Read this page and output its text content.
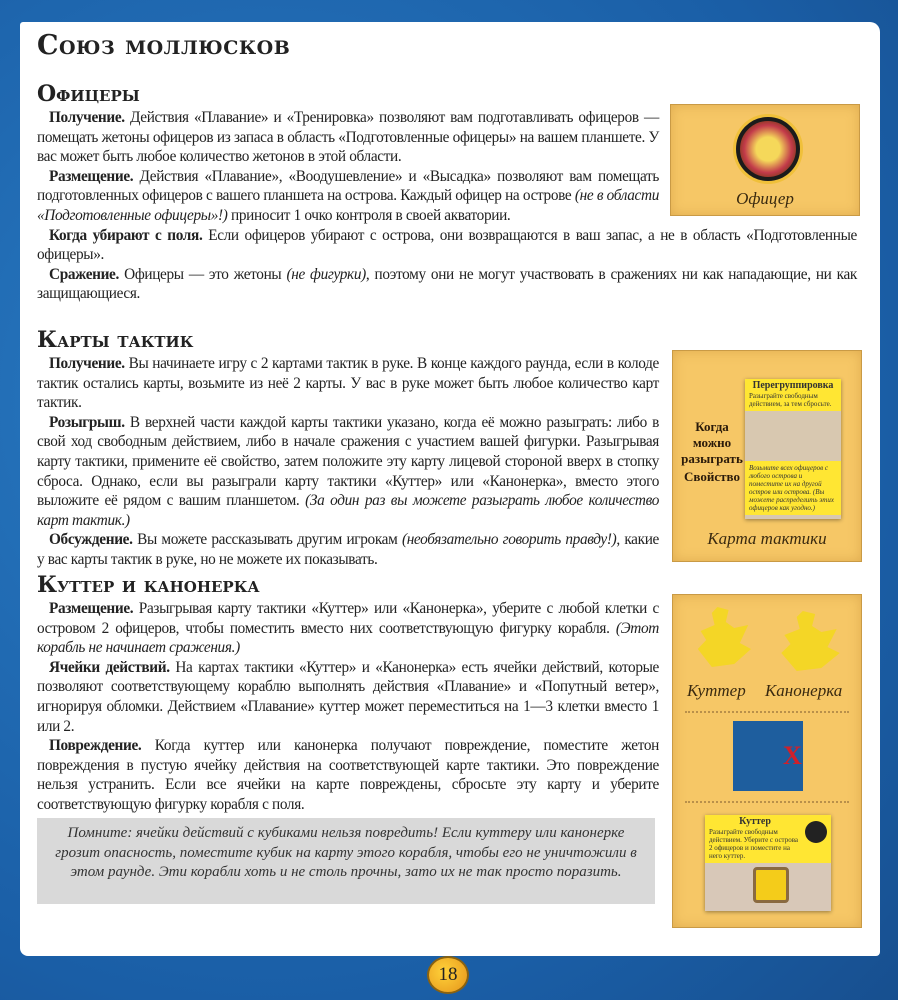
Союз моллюсков
Офицеры

Получение. Действия «Плавание» и «Тренировка» позволяют вам подготавливать офицеров — помещать жетоны офицеров из запаса в область «Подготовленные офицеры» на вашем планшете. У вас может быть любое количество жетонов в этой области.

Размещение. Действия «Плавание», «Воодушевление» и «Высадка» позволяют вам помещать подготовленных офицеров с вашего планшета на острова. Каждый офицер на острове (не в области «Подготовленные офицеры»!) приносит 1 очко контроля в своей акватории.

Когда убирают с поля. Если офицеров убирают с острова, они возвращаются в ваш запас, а не в область «Подготовленные офицеры».

Сражение. Офицеры — это жетоны (не фигурки), поэтому они не могут участвовать в сражениях ни как нападающие, ни как защищающиеся.

Карты тактик

Получение. Вы начинаете игру с 2 картами тактик в руке. В конце каждого раунда, если в колоде тактик остались карты, возьмите из неё 2 карты. У вас в руке может быть любое количество карт тактик.

Розыгрыш. В верхней части каждой карты тактики указано, когда её можно разыграть: либо в свой ход свободным действием, либо в начале сражения с участием вашей фигурки. Разыгрывая карту тактики, примените её свойство, затем положите эту карту лицевой стороной вверх в стопку сброса. Однако, если вы разыграли карту тактики «Куттер» или «Канонерка», вместо этого выложите её рядом с вашим планшетом. (За один раз вы можете разыграть любое количество карт тактик.)

Обсуждение. Вы можете рассказывать другим игрокам (необязательно говорить правду!), какие у вас карты тактик в руке, но не можете их показывать.

Куттер и канонерка

Размещение. Разыгрывая карту тактики «Куттер» или «Канонерка», уберите с любой клетки с островом 2 офицеров, чтобы поместить вместо них соответствующую фигурку корабля. (Этот корабль не начинает сражения.)

Ячейки действий. На картах тактики «Куттер» и «Канонерка» есть ячейки действий, которые позволяют соответствующему кораблю выполнять действия «Плавание» и «Попутный ветер», игнорируя обломки. Действием «Плавание» куттер может переместиться на 1—3 клетки вместо 1 или 2.

Повреждение. Когда куттер или канонерка получают повреждение, поместите жетон повреждения в пустую ячейку действия на соответствующей карте тактики. Это повреждение нельзя устранить. Если все ячейки на карте повреждены, сбросьте эту карту и уберите соответствующую фигурку корабля с поля.

Помните: ячейки действий с кубиками нельзя повредить! Если куттеру или канонерке грозит опасность, поместите кубик на карту этого корабля, чтобы его не уничтожили в этом раунде. Эти корабли хоть и не столь прочны, зато их не так просто поразить.
Офицер
Когда можно разыграть
Свойство
Перегруппировка
Разыграйте свободным действием, за тем сбросьте.
Возьмите всех офицеров с любого острова и поместите их на другой остров или острова. (Вы можете распределить этих офицеров как угодно.)
Карта тактики
Куттер Канонерка
X
Куттер
Разыграйте свободным действием. Уберите с острова 2 офицеров и поместите на него куттер.
18
